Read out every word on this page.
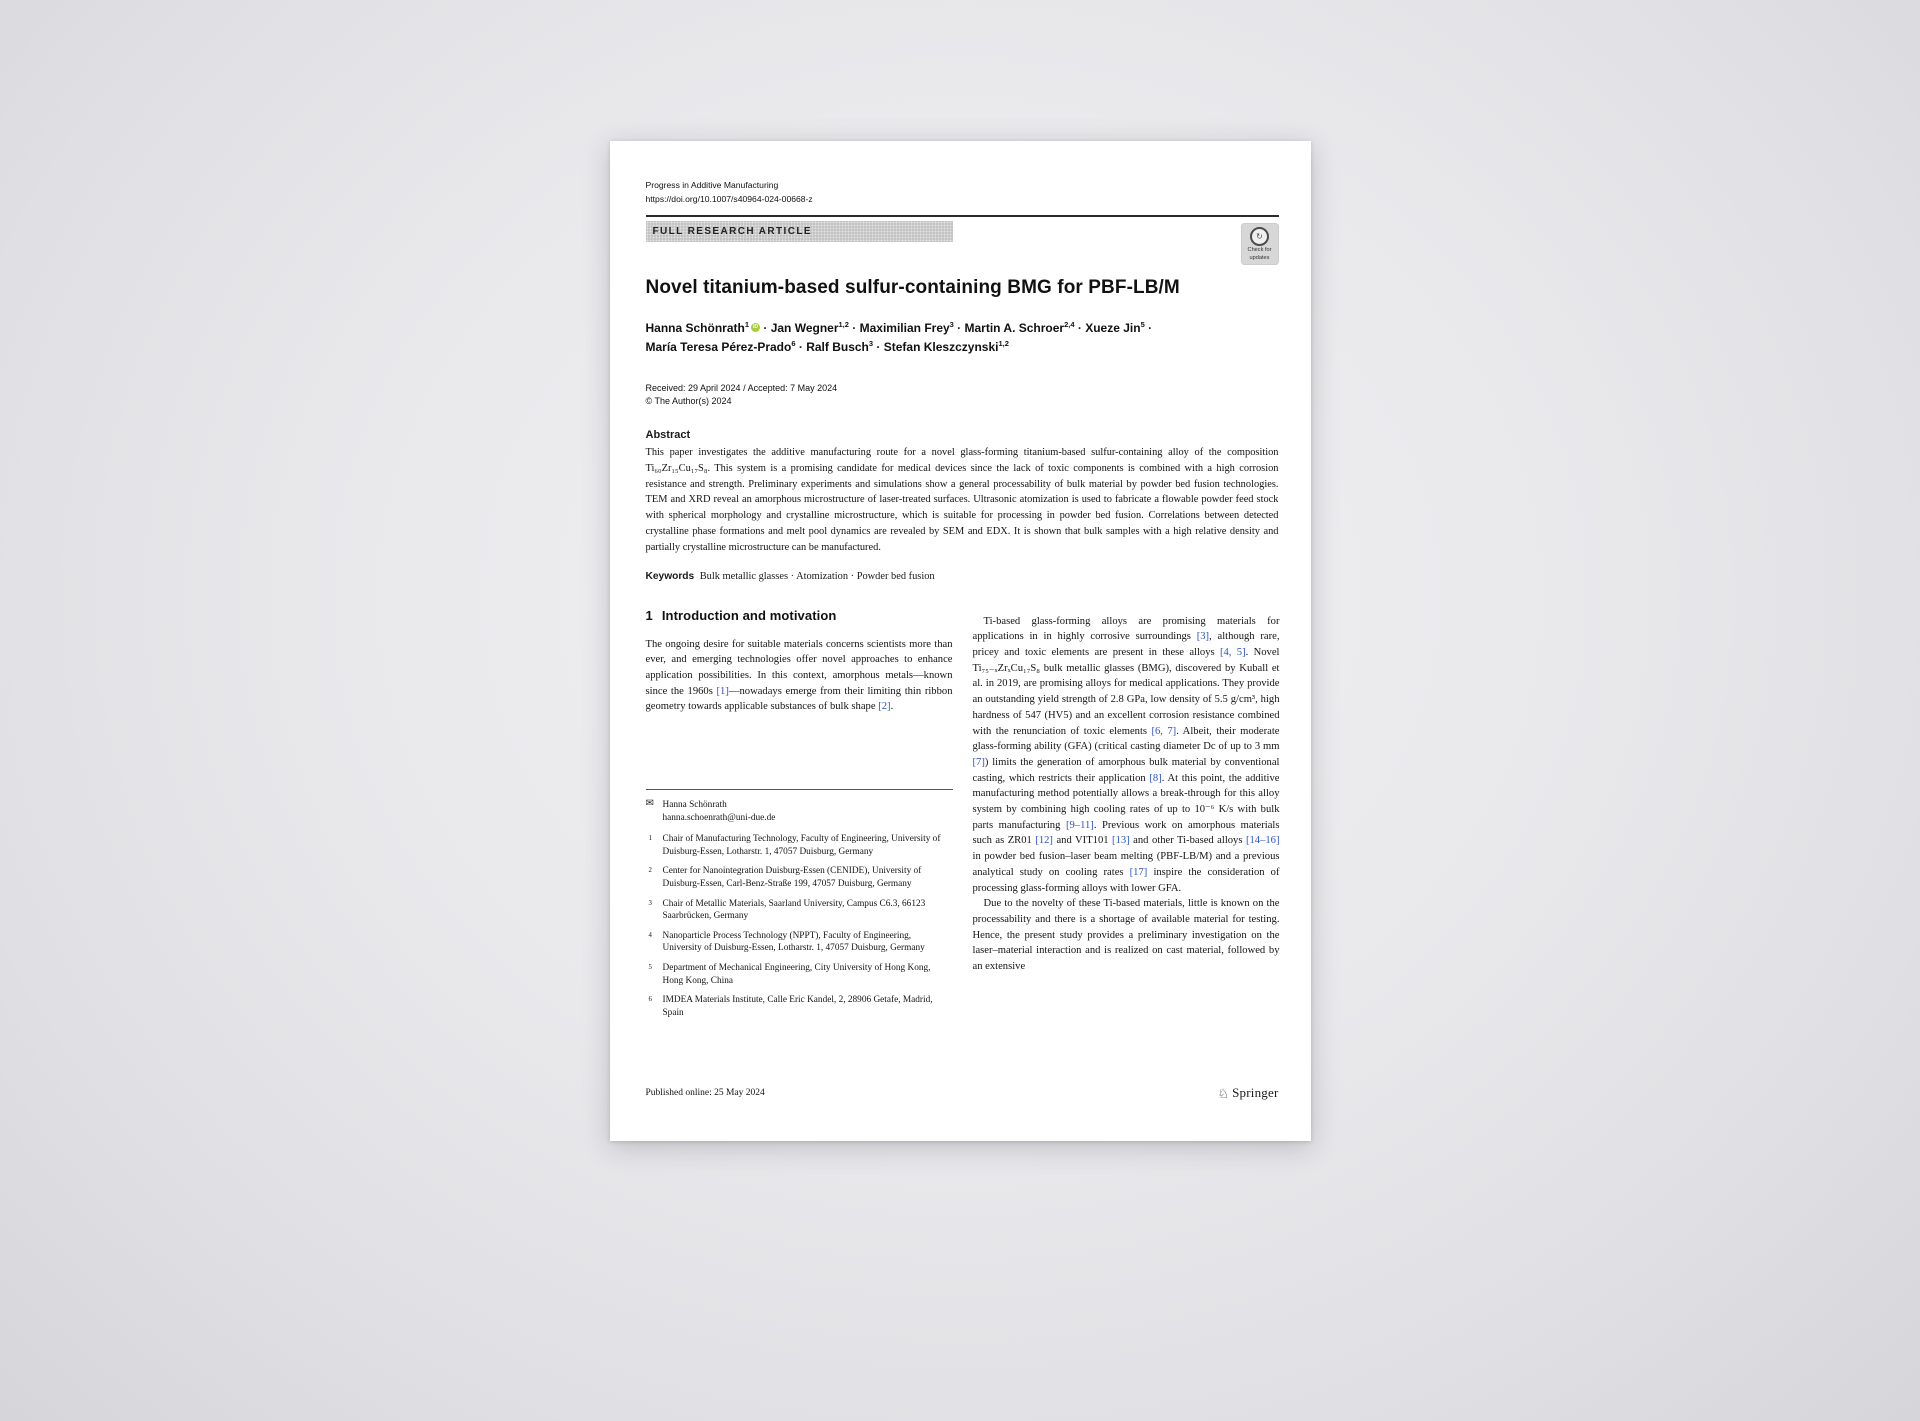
Progress in Additive Manufacturing
https://doi.org/10.1007/s40964-024-00668-z
FULL RESEARCH ARTICLE	↻
Check for
updates
Novel titanium-based sulfur-containing BMG for PBF-LB/M
Hanna Schönrath$^1$ iD · Jan Wegner$^{1,2}$ · Maximilian Frey$^3$ · Martin A. Schroer$^{2,4}$ · Xueze Jin$^5$ ·
María Teresa Pérez-Prado$^6$ · Ralf Busch$^3$ · Stefan Kleszczynski$^{1,2}$
Received: 29 April 2024 / Accepted: 7 May 2024
© The Author(s) 2024
Abstract

This paper investigates the additive manufacturing route for a novel glass-forming titanium-based sulfur-containing alloy of the composition Ti₆₀Zr₁₅Cu₁₇S₈. This system is a promising candidate for medical devices since the lack of toxic components is combined with a high corrosion resistance and strength. Preliminary experiments and simulations show a general processability of bulk material by powder bed fusion technologies. TEM and XRD reveal an amorphous microstructure of laser-treated surfaces. Ultrasonic atomization is used to fabricate a flowable powder feed stock with spherical morphology and crystalline microstructure, which is suitable for processing in powder bed fusion. Correlations between detected crystalline phase formations and melt pool dynamics are revealed by SEM and EDX. It is shown that bulk samples with a high relative density and partially crystalline microstructure can be manufactured.

Keywords Bulk metallic glasses · Atomization · Powder bed fusion
1 Introduction and motivation

The ongoing desire for suitable materials concerns scientists more than ever, and emerging technologies offer novel approaches to enhance application possibilities. In this context, amorphous metals—known since the 1960s [1]—nowadays emerge from their limiting thin ribbon geometry towards applicable substances of bulk shape [2].

Ti-based glass-forming alloys are promising materials for applications in in highly corrosive surroundings [3], although rare, pricey and toxic elements are present in these alloys [4, 5]. Novel Ti₇₅₋ₓZrₓCu₁₇S₈ bulk metallic glasses (BMG), discovered by Kuball et al. in 2019, are promising alloys for medical applications. They provide an outstanding yield strength of 2.8 GPa, low density of 5.5 g/cm³, high hardness of 547 (HV5) and an excellent corrosion resistance combined with the renunciation of toxic elements [6, 7]. Albeit, their moderate glass-forming ability (GFA) (critical casting diameter Dc of up to 3 mm [7]) limits the generation of amorphous bulk material by conventional casting, which restricts their application [8]. At this point, the additive manufacturing method potentially allows a break-through for this alloy system by combining high cooling rates of up to 10⁻⁶ K/s with bulk parts manufacturing [9–11]. Previous work on amorphous materials such as ZR01 [12] and VIT101 [13] and other Ti-based alloys [14–16] in powder bed fusion–laser beam melting (PBF-LB/M) and a previous analytical study on cooling rates [17] inspire the consideration of processing glass-forming alloys with lower GFA.

Due to the novelty of these Ti-based materials, little is known on the processability and there is a shortage of available material for testing. Hence, the present study provides a preliminary investigation on the laser–material interaction and is realized on cast material, followed by an extensive

✉ Hanna Schönrath
hanna.schoenrath@uni-due.de
1 Chair of Manufacturing Technology, Faculty of Engineering, University of Duisburg-Essen, Lotharstr. 1, 47057 Duisburg, Germany
2 Center for Nanointegration Duisburg-Essen (CENIDE), University of Duisburg-Essen, Carl-Benz-Straße 199, 47057 Duisburg, Germany
3 Chair of Metallic Materials, Saarland University, Campus C6.3, 66123 Saarbrücken, Germany
4 Nanoparticle Process Technology (NPPT), Faculty of Engineering, University of Duisburg-Essen, Lotharstr. 1, 47057 Duisburg, Germany
5 Department of Mechanical Engineering, City University of Hong Kong, Hong Kong, China
6 IMDEA Materials Institute, Calle Eric Kandel, 2, 28906 Getafe, Madrid, Spain
Published online: 25 May 2024	♘ Springer
